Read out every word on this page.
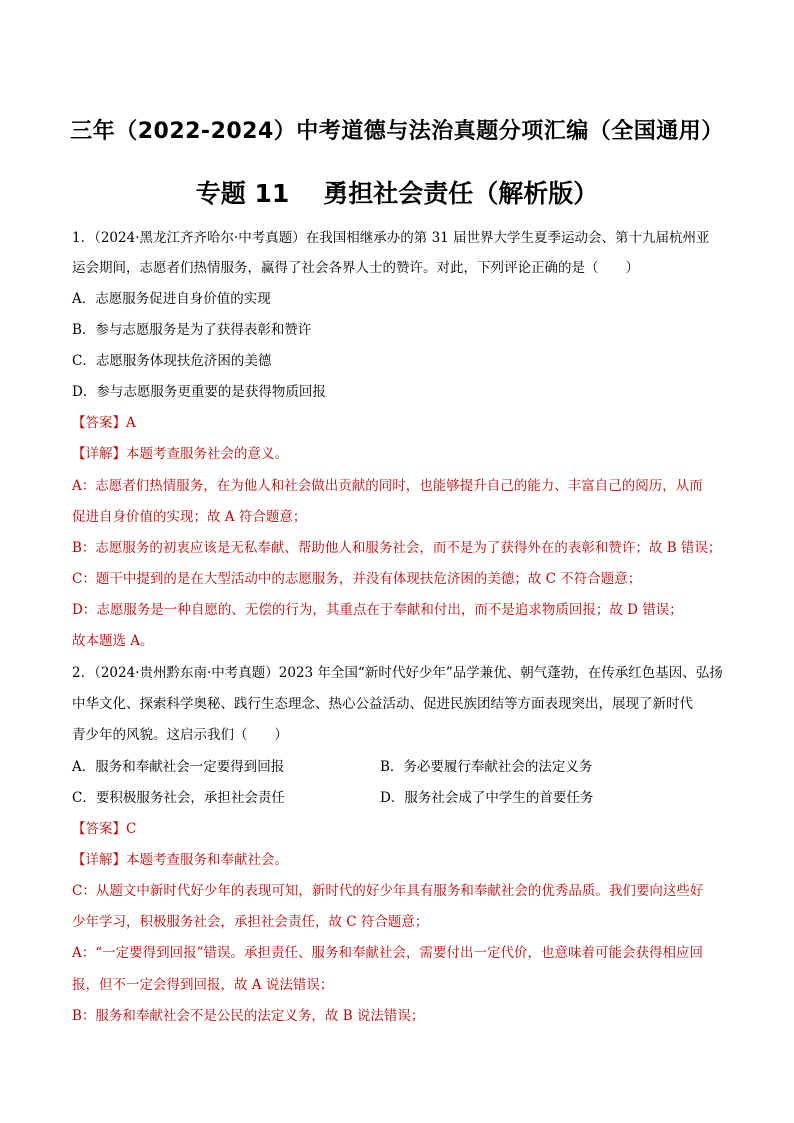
三年（2022-2024）中考道德与法治真题分项汇编（全国通用）
专题 11 勇担社会责任（解析版）
1．（2024·黑龙江齐齐哈尔·中考真题）在我国相继承办的第 31 届世界大学生夏季运动会、第十九届杭州亚
运会期间，志愿者们热情服务，赢得了社会各界人士的赞许。对此，下列评论正确的是（　　）
A．志愿服务促进自身价值的实现
B．参与志愿服务是为了获得表彰和赞许
C．志愿服务体现扶危济困的美德
D．参与志愿服务更重要的是获得物质回报
【答案】A
【详解】本题考查服务社会的意义。
A：志愿者们热情服务，在为他人和社会做出贡献的同时，也能够提升自己的能力、丰富自己的阅历，从而
促进自身价值的实现；故 A 符合题意；
B：志愿服务的初衷应该是无私奉献、帮助他人和服务社会，而不是为了获得外在的表彰和赞许；故 B 错误；
C：题干中提到的是在大型活动中的志愿服务，并没有体现扶危济困的美德；故 C 不符合题意；
D：志愿服务是一种自愿的、无偿的行为，其重点在于奉献和付出，而不是追求物质回报；故 D 错误；
故本题选 A。
2．（2024·贵州黔东南·中考真题）2023 年全国“新时代好少年”品学兼优、朝气蓬勃，在传承红色基因、弘扬
中华文化、探索科学奥秘、践行生态理念、热心公益活动、促进民族团结等方面表现突出，展现了新时代
青少年的风貌。这启示我们（　　）
A．服务和奉献社会一定要得到回报	B．务必要履行奉献社会的法定义务
C．要积极服务社会，承担社会责任	D．服务社会成了中学生的首要任务
【答案】C
【详解】本题考查服务和奉献社会。
C：从题文中新时代好少年的表现可知，新时代的好少年具有服务和奉献社会的优秀品质。我们要向这些好
少年学习，积极服务社会，承担社会责任，故 C 符合题意；
A：“一定要得到回报”错误。承担责任、服务和奉献社会，需要付出一定代价，也意味着可能会获得相应回
报，但不一定会得到回报，故 A 说法错误；
B：服务和奉献社会不是公民的法定义务，故 B 说法错误；
